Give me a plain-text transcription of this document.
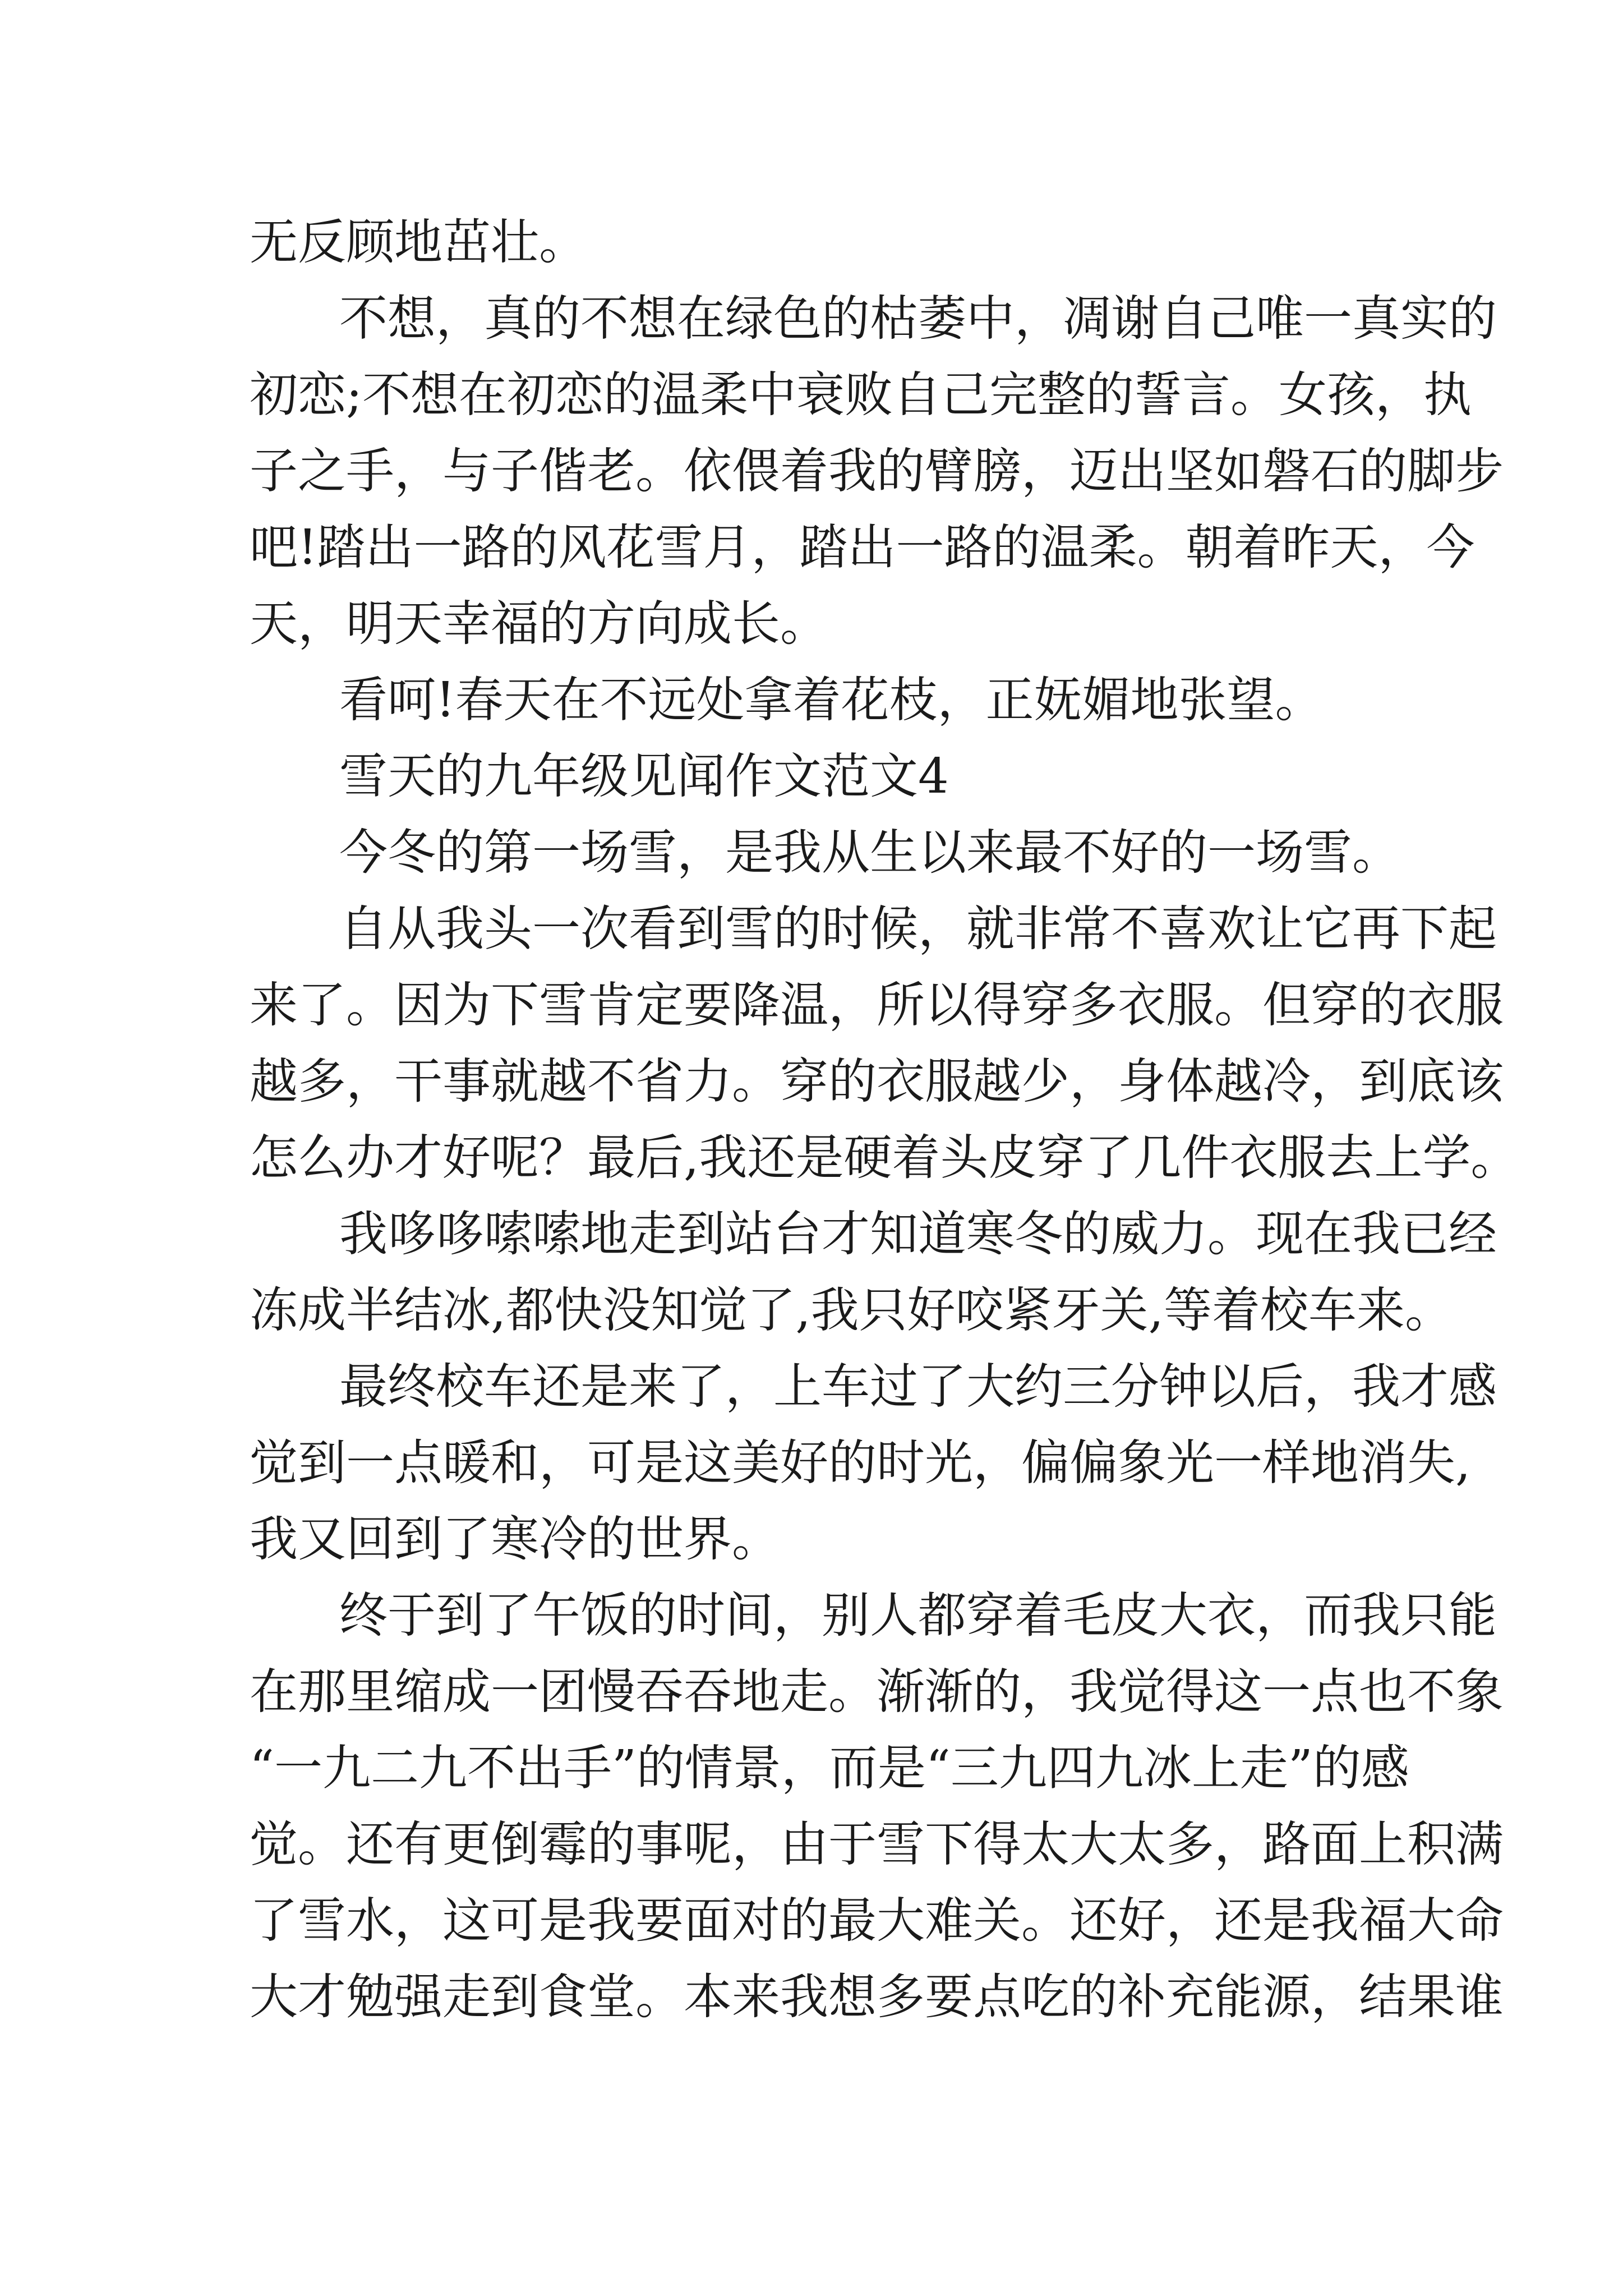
无反顾地茁壮。

不想，真的不想在绿色的枯萎中，凋谢自己唯一真实的

初恋;不想在初恋的温柔中衰败自己完整的誓言。女孩，执

子之手，与子偕老。依偎着我的臂膀，迈出坚如磐石的脚步

吧!踏出一路的风花雪月，踏出一路的温柔。朝着昨天，今

天，明天幸福的方向成长。

看呵!春天在不远处拿着花枝，正妩媚地张望。

雪天的九年级见闻作文范文4

今冬的第一场雪，是我从生以来最不好的一场雪。

自从我头一次看到雪的时候，就非常不喜欢让它再下起

来了。因为下雪肯定要降温，所以得穿多衣服。但穿的衣服

越多，干事就越不省力。穿的衣服越少，身体越冷，到底该

怎么办才好呢？最后,我还是硬着头皮穿了几件衣服去上学。

我哆哆嗦嗦地走到站台才知道寒冬的威力。现在我已经

冻成半结冰,都快没知觉了,我只好咬紧牙关,等着校车来。

最终校车还是来了，上车过了大约三分钟以后，我才感

觉到一点暖和，可是这美好的时光，偏偏象光一样地消失,

我又回到了寒冷的世界。

终于到了午饭的时间，别人都穿着毛皮大衣，而我只能

在那里缩成一团慢吞吞地走。渐渐的，我觉得这一点也不象

“一九二九不出手”的情景，而是“三九四九冰上走”的感

觉。还有更倒霉的事呢，由于雪下得太大太多，路面上积满

了雪水，这可是我要面对的最大难关。还好，还是我福大命

大才勉强走到食堂。本来我想多要点吃的补充能源，结果谁
